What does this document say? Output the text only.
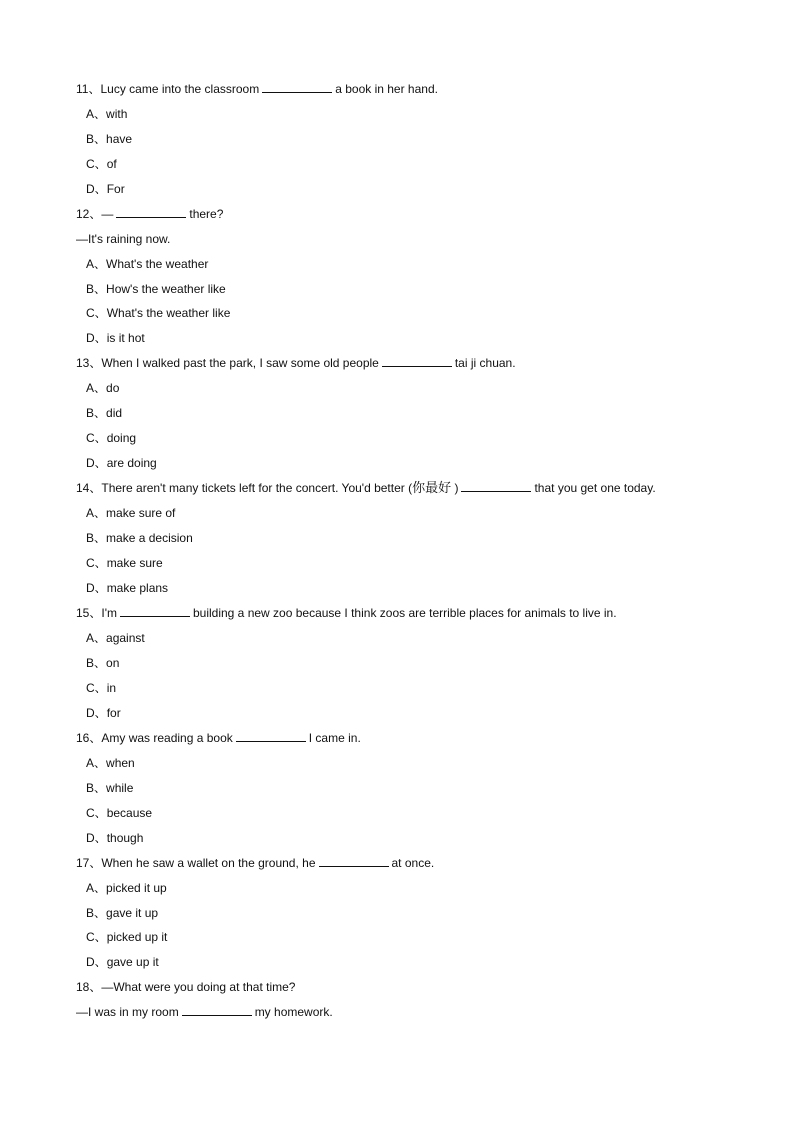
11、Lucy came into the classroom	a book in her hand.
A、with
B、have
C、of
D、For
12、—	there?
—It's raining now.
A、What's the weather
B、How's the weather like
C、What's the weather like
D、is it hot
13、When I walked past the park, I saw some old people	tai ji chuan.
A、do
B、did
C、doing
D、are doing
14、There aren't many tickets left for the concert. You'd better (你最好 )	that you get one today.
A、make sure of
B、make a decision
C、make sure
D、make plans
15、I'm	building a new zoo because I think zoos are terrible places for animals to live in.
A、against
B、on
C、in
D、for
16、Amy was reading a book	I came in.
A、when
B、while
C、because
D、though
17、When he saw a wallet on the ground, he	at once.
A、picked it up
B、gave it up
C、picked up it
D、gave up it
18、—What were you doing at that time?
—I was in my room	my homework.
